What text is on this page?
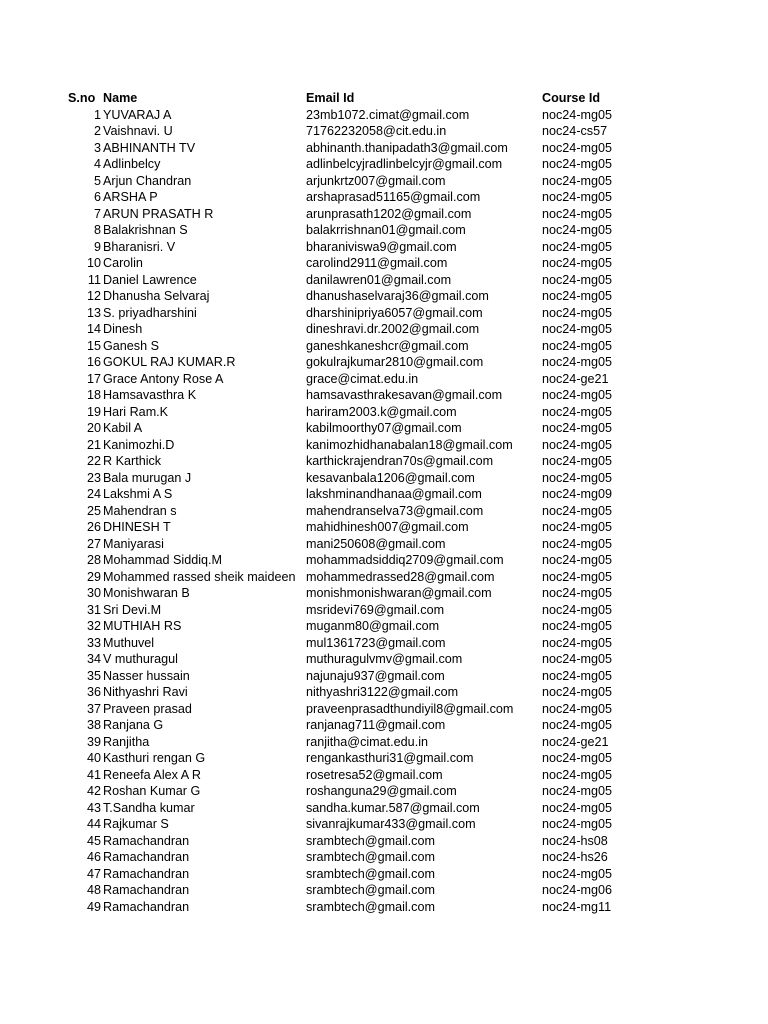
S.no Name	Email Id	Course Id
1 YUVARAJ A	23mb1072.cimat@gmail.com	noc24-mg05
2 Vaishnavi. U	71762232058@cit.edu.in	noc24-cs57
3 ABHINANTH TV	abhinanth.thanipadath3@gmail.com	noc24-mg05
4 Adlinbelcy	adlinbelcyjradlinbelcyjr@gmail.com	noc24-mg05
5 Arjun Chandran	arjunkrtz007@gmail.com	noc24-mg05
6 ARSHA P	arshaprasad51165@gmail.com	noc24-mg05
7 ARUN PRASATH R	arunprasath1202@gmail.com	noc24-mg05
8 Balakrishnan S	balakrrishnan01@gmail.com	noc24-mg05
9 Bharanisri. V	bharaniviswa9@gmail.com	noc24-mg05
10 Carolin	carolind2911@gmail.com	noc24-mg05
11 Daniel Lawrence	danilawren01@gmail.com	noc24-mg05
12 Dhanusha Selvaraj	dhanushaselvaraj36@gmail.com	noc24-mg05
13 S. priyadharshini	dharshinipriya6057@gmail.com	noc24-mg05
14 Dinesh	dineshravi.dr.2002@gmail.com	noc24-mg05
15 Ganesh S	ganeshkaneshcr@gmail.com	noc24-mg05
16 GOKUL RAJ KUMAR.R	gokulrajkumar2810@gmail.com	noc24-mg05
17 Grace Antony Rose A	grace@cimat.edu.in	noc24-ge21
18 Hamsavasthra K	hamsavasthrakesavan@gmail.com	noc24-mg05
19 Hari Ram.K	hariram2003.k@gmail.com	noc24-mg05
20 Kabil A	kabilmoorthy07@gmail.com	noc24-mg05
21 Kanimozhi.D	kanimozhidhanabalan18@gmail.com noc24-mg05
22 R Karthick	karthickrajendran70s@gmail.com	noc24-mg05
23 Bala murugan J	kesavanbala1206@gmail.com	noc24-mg05
24 Lakshmi A S	lakshminandhanaa@gmail.com	noc24-mg09
25 Mahendran s	mahendranselva73@gmail.com	noc24-mg05
26 DHINESH T	mahidhinesh007@gmail.com	noc24-mg05
27 Maniyarasi	mani250608@gmail.com	noc24-mg05
28 Mohammad Siddiq.M	mohammadsiddiq2709@gmail.com	noc24-mg05
29 Mohammed rassed sheik maideen mohammedrassed28@gmail.com	noc24-mg05
30 Monishwaran B	monishmonishwaran@gmail.com	noc24-mg05
31 Sri Devi.M	msridevi769@gmail.com	noc24-mg05
32 MUTHIAH RS	muganm80@gmail.com	noc24-mg05
33 Muthuvel	mul1361723@gmail.com	noc24-mg05
34 V muthuragul	muthuragulvmv@gmail.com	noc24-mg05
35 Nasser hussain	najunaju937@gmail.com	noc24-mg05
36 Nithyashri Ravi	nithyashri3122@gmail.com	noc24-mg05
37 Praveen prasad	praveenprasadthundiyil8@gmail.com noc24-mg05
38 Ranjana G	ranjanag711@gmail.com	noc24-mg05
39 Ranjitha	ranjitha@cimat.edu.in	noc24-ge21
40 Kasthuri rengan G	rengankasthuri31@gmail.com	noc24-mg05
41 Reneefa Alex A R	rosetresa52@gmail.com	noc24-mg05
42 Roshan Kumar G	roshanguna29@gmail.com	noc24-mg05
43 T.Sandha kumar	sandha.kumar.587@gmail.com	noc24-mg05
44 Rajkumar S	sivanrajkumar433@gmail.com	noc24-mg05
45 Ramachandran	srambtech@gmail.com	noc24-hs08
46 Ramachandran	srambtech@gmail.com	noc24-hs26
47 Ramachandran	srambtech@gmail.com	noc24-mg05
48 Ramachandran	srambtech@gmail.com	noc24-mg06
49 Ramachandran	srambtech@gmail.com	noc24-mg11
